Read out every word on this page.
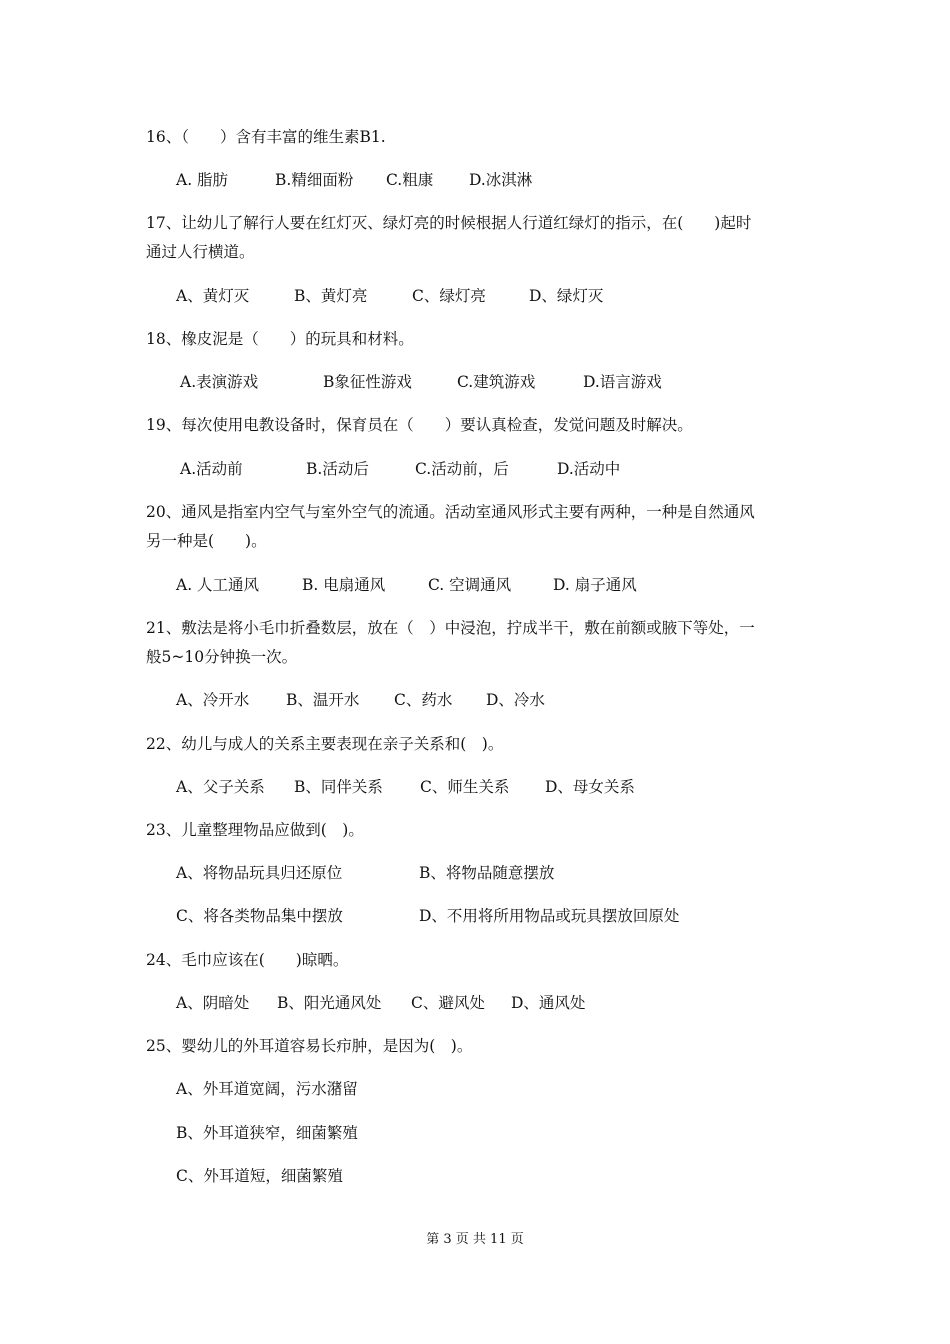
16、（　　）含有丰富的维生素B1.
A. 脂肪	B.精细面粉 C.粗康 D.冰淇淋
17、让幼儿了解行人要在红灯灭、绿灯亮的时候根据人行道红绿灯的指示，在(　　)起时
通过人行横道。
A、黄灯灭	B、黄灯亮	C、绿灯亮	D、绿灯灭
18、橡皮泥是（　　）的玩具和材料。
A.表演游戏	B象征性游戏	C.建筑游戏	D.语言游戏
19、每次使用电教设备时，保育员在（　　）要认真检查，发觉问题及时解决。
A.活动前	B.活动后	C.活动前，后	D.活动中
20、通风是指室内空气与室外空气的流通。活动室通风形式主要有两种，一种是自然通风
另一种是(　　)。
A. 人工通风	B. 电扇通风	C. 空调通风	D. 扇子通风
21、敷法是将小毛巾折叠数层，放在（　）中浸泡，拧成半干，敷在前额或腋下等处，一
般5~10分钟换一次。
A、冷开水 B、温开水 C、药水 D、冷水
22、幼儿与成人的关系主要表现在亲子关系和(　)。
A、父子关系 B、同伴关系 C、师生关系 D、母女关系
23、儿童整理物品应做到(　)。
A、将物品玩具归还原位	B、将物品随意摆放
C、将各类物品集中摆放	D、不用将所用物品或玩具摆放回原处
24、毛巾应该在(　　)晾晒。
A、阴暗处 B、阳光通风处 C、避风处 D、通风处
25、婴幼儿的外耳道容易长疖肿，是因为(　)。
A、外耳道宽阔，污水潴留
B、外耳道狭窄，细菌繁殖
C、外耳道短，细菌繁殖
第 3 页 共 11 页
